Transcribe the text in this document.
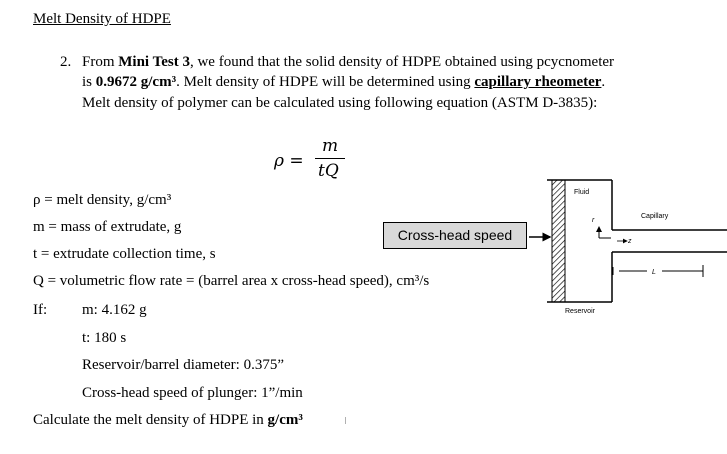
Melt Density of HDPE
2. From Mini Test 3, we found that the solid density of HDPE obtained using pcycnometer
is 0.9672 g/cm³. Melt density of HDPE will be determined using capillary rheometer.
Melt density of polymer can be calculated using following equation (ASTM D-3835):
ρ =
m
tQ
ρ = melt density, g/cm³
m = mass of extrudate, g
t = extrudate collection time, s
Q = volumetric flow rate = (barrel area x cross-head speed), cm³/s
If: m: 4.162 g
t: 180 s
Reservoir/barrel diameter: 0.375”
Cross-head speed of plunger: 1”/min
Calculate the melt density of HDPE in g/cm³
Cross-head speed
Fluid
Capillary
Reservoir
r
z
L
